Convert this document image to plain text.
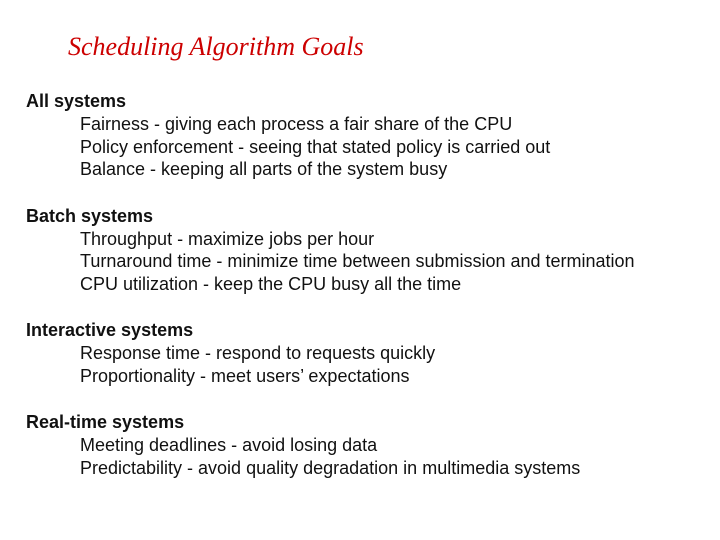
Scheduling Algorithm Goals
All systems
Fairness - giving each process a fair share of the CPU
Policy enforcement - seeing that stated policy is carried out
Balance - keeping all parts of the system busy
Batch systems
Throughput - maximize jobs per hour
Turnaround time - minimize time between submission and termination
CPU utilization - keep the CPU busy all the time
Interactive systems
Response time - respond to requests quickly
Proportionality - meet users’ expectations
Real-time systems
Meeting deadlines - avoid losing data
Predictability - avoid quality degradation in multimedia systems
